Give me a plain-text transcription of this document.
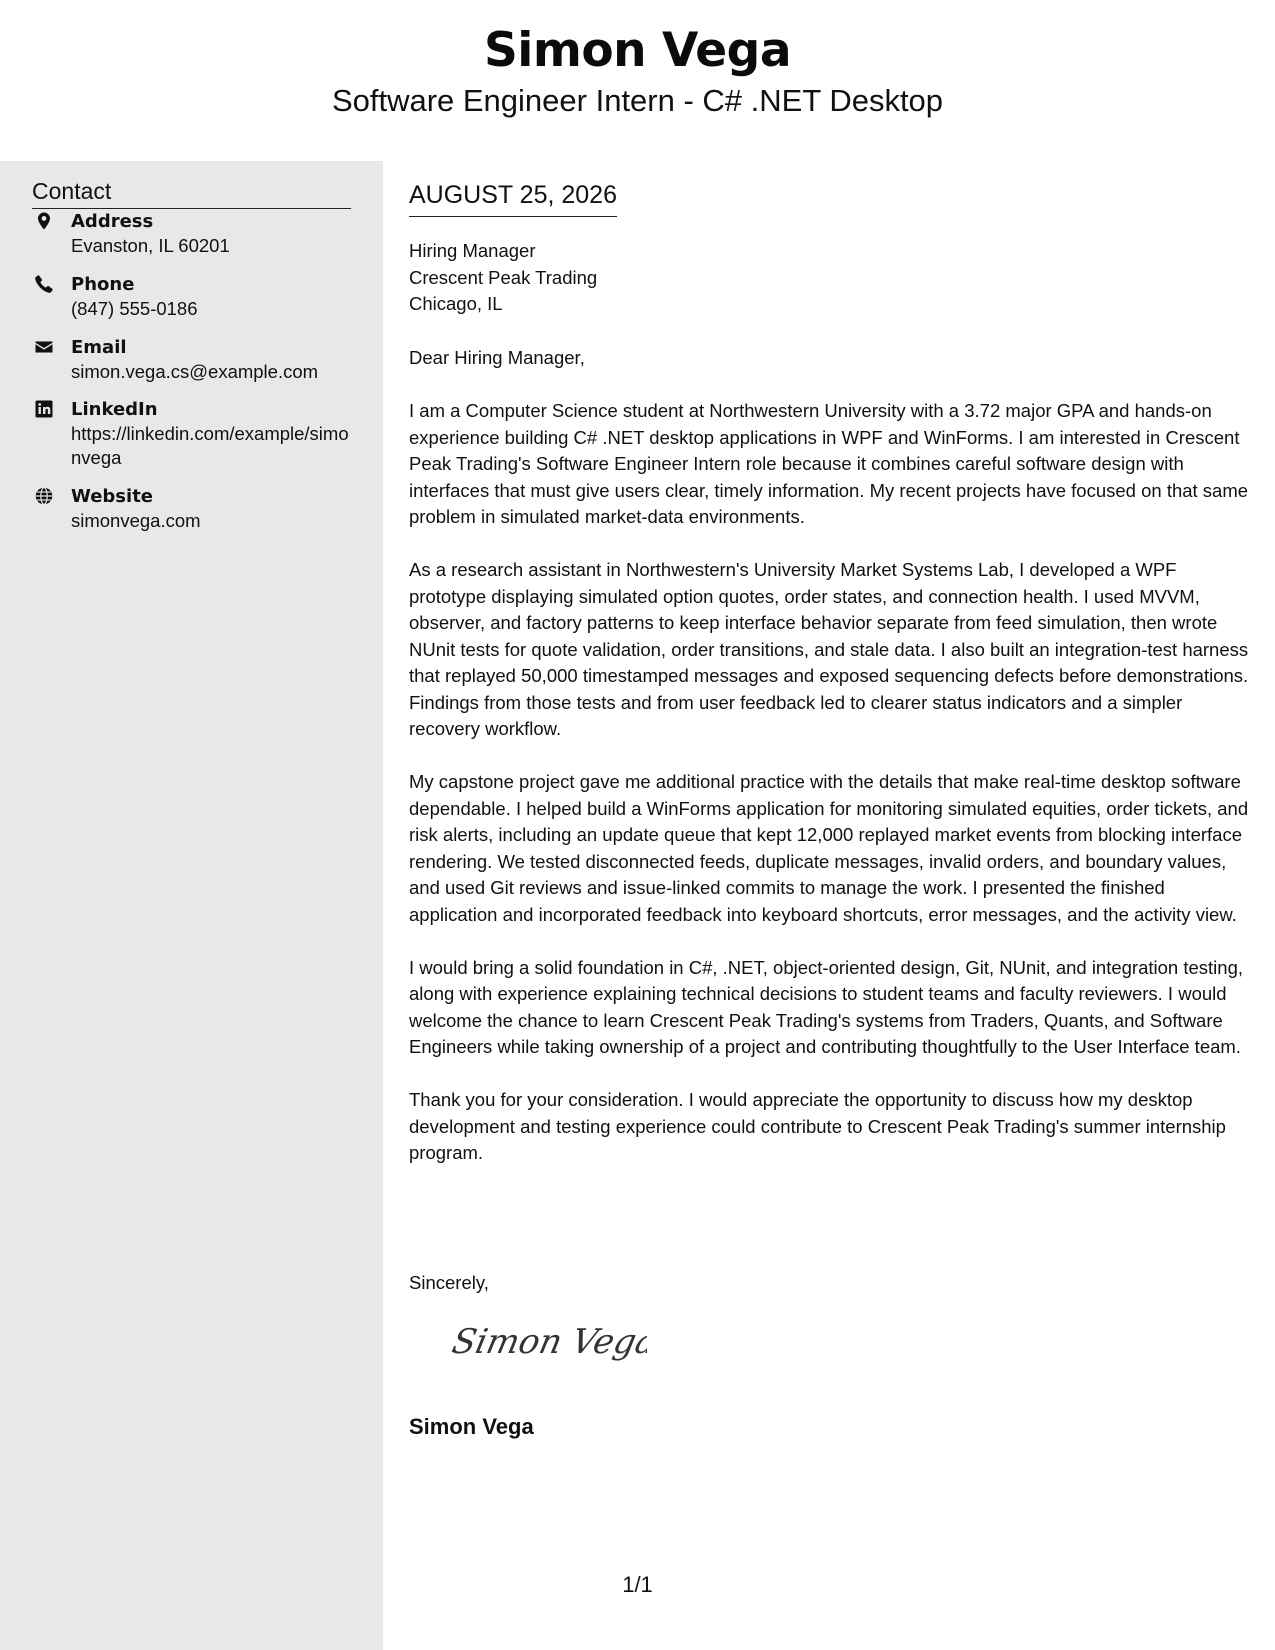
Simon Vega
Software Engineer Intern - C# .NET Desktop
Contact
Address
Evanston, IL 60201
Phone
(847) 555-0186
Email
simon.vega.cs@example.com
LinkedIn
https://linkedin.com/example/simonvega
Website
simonvega.com
AUGUST 25, 2026
Hiring Manager
Crescent Peak Trading
Chicago, IL
Dear Hiring Manager,

I am a Computer Science student at Northwestern University with a 3.72 major GPA and hands-on experience building C# .NET desktop applications in WPF and WinForms. I am interested in Crescent Peak Trading's Software Engineer Intern role because it combines careful software design with interfaces that must give users clear, timely information. My recent projects have focused on that same problem in simulated market-data environments.

As a research assistant in Northwestern's University Market Systems Lab, I developed a WPF prototype displaying simulated option quotes, order states, and connection health. I used MVVM, observer, and factory patterns to keep interface behavior separate from feed simulation, then wrote NUnit tests for quote validation, order transitions, and stale data. I also built an integration-test harness that replayed 50,000 timestamped messages and exposed sequencing defects before demonstrations. Findings from those tests and from user feedback led to clearer status indicators and a simpler recovery workflow.

My capstone project gave me additional practice with the details that make real-time desktop software dependable. I helped build a WinForms application for monitoring simulated equities, order tickets, and risk alerts, including an update queue that kept 12,000 replayed market events from blocking interface rendering. We tested disconnected feeds, duplicate messages, invalid orders, and boundary values, and used Git reviews and issue-linked commits to manage the work. I presented the finished application and incorporated feedback into keyboard shortcuts, error messages, and the activity view.

I would bring a solid foundation in C#, .NET, object-oriented design, Git, NUnit, and integration testing, along with experience explaining technical decisions to student teams and faculty reviewers. I would welcome the chance to learn Crescent Peak Trading's systems from Traders, Quants, and Software Engineers while taking ownership of a project and contributing thoughtfully to the User Interface team.

Thank you for your consideration. I would appreciate the opportunity to discuss how my desktop development and testing experience could contribute to Crescent Peak Trading's summer internship program.

Sincerely,
Simon Vega
Simon Vega
1/1
